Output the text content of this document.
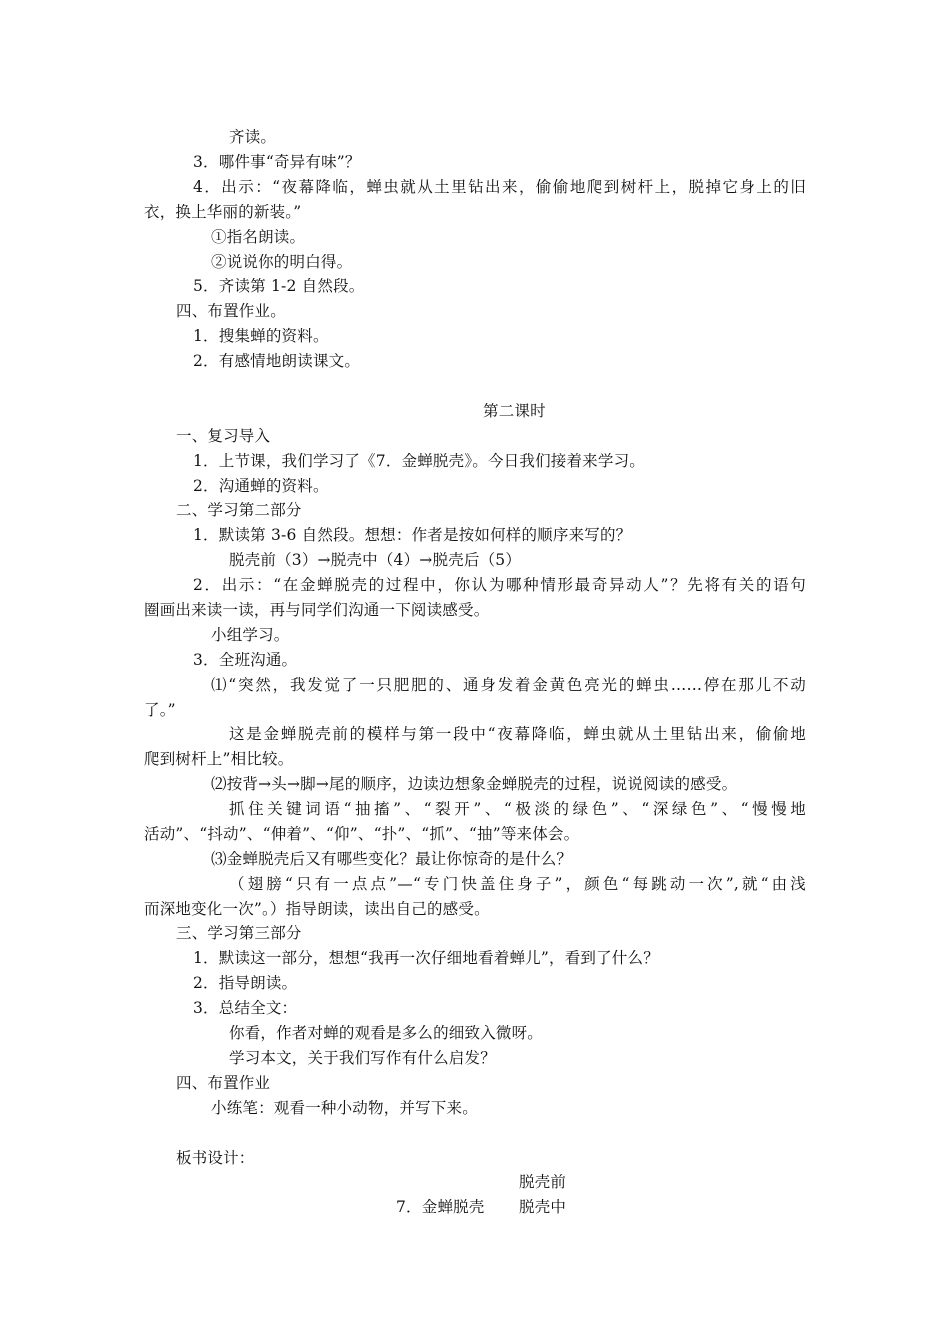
齐读。
3．哪件事“奇异有味”？
4．出示：“夜幕降临，蝉虫就从土里钻出来，偷偷地爬到树杆上，脱掉它身上的旧
衣，换上华丽的新装。”
①指名朗读。
②说说你的明白得。
5．齐读第 1-2 自然段。
四、布置作业。
1．搜集蝉的资料。
2．有感情地朗读课文。
第二课时
一、复习导入
1．上节课，我们学习了《7．金蝉脱壳》。今日我们接着来学习。
2．沟通蝉的资料。
二、学习第二部分
1．默读第 3-6 自然段。想想：作者是按如何样的顺序来写的？
脱壳前（3）→脱壳中（4）→脱壳后（5）
2．出示：“在金蝉脱壳的过程中，你认为哪种情形最奇异动人”？先将有关的语句
圈画出来读一读，再与同学们沟通一下阅读感受。
小组学习。
3．全班沟通。
⑴“突然，我发觉了一只肥肥的、通身发着金黄色亮光的蝉虫……停在那儿不动
了。”
这是金蝉脱壳前的模样与第一段中“夜幕降临，蝉虫就从土里钻出来，偷偷地
爬到树杆上”相比较。
⑵按背→头→脚→尾的顺序，边读边想象金蝉脱壳的过程，说说阅读的感受。
抓住关键词语“抽搐”、“裂开”、“极淡的绿色”、“深绿色”、“慢慢地
活动”、“抖动”、“伸着”、“仰”、“扑”、“抓”、“抽”等来体会。
⑶金蝉脱壳后又有哪些变化？最让你惊奇的是什么？
（翅膀“只有一点点”—“专门快盖住身子”，颜色“每跳动一次”,就“由浅
而深地变化一次”。）指导朗读，读出自己的感受。
三、学习第三部分
1．默读这一部分，想想“我再一次仔细地看着蝉儿”，看到了什么？
2．指导朗读。
3．总结全文：
你看，作者对蝉的观看是多么的细致入微呀。
学习本文，关于我们写作有什么启发？
四、布置作业
小练笔：观看一种小动物，并写下来。
板书设计：
脱壳前
7．金蝉脱壳 脱壳中
